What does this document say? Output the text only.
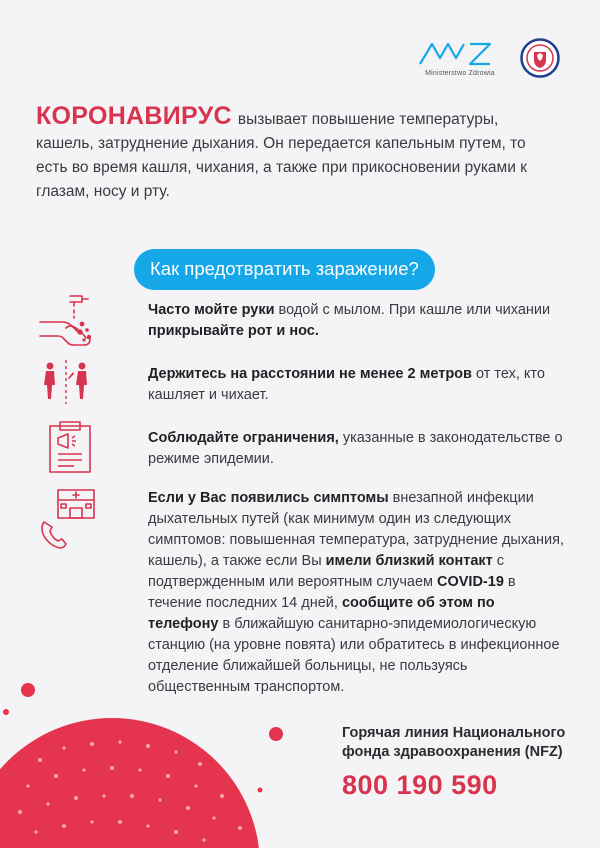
Ministerstwo Zdrowia
КОРОНАВИРУС вызывает повышение температуры, кашель, затруднение дыхания. Он передается капельным путем, то есть во время кашля, чихания, а также при прикосновении руками к глазам, носу и рту.
Как предотвратить заражение?
Часто мойте руки водой с мылом. При кашле или чихании прикрывайте рот и нос.
Держитесь на расстоянии не менее 2 метров от тех, кто кашляет и чихает.
Соблюдайте ограничения, указанные в законодательстве о режиме эпидемии.
Если у Вас появились симптомы внезапной инфекции дыхательных путей (как минимум один из следующих симптомов: повышенная температура, затруднение дыхания, кашель), а также если Вы имели близкий контакт с подтвержденным или вероятным случаем COVID-19 в течение последних 14 дней, сообщите об этом по телефону в ближайшую санитарно-эпидемиологическую станцию (на уровне повята) или обратитесь в инфекционное отделение ближайшей больницы, не пользуясь общественным транспортом.
Горячая линия Национального фонда здравоохранения (NFZ)
800 190 590
